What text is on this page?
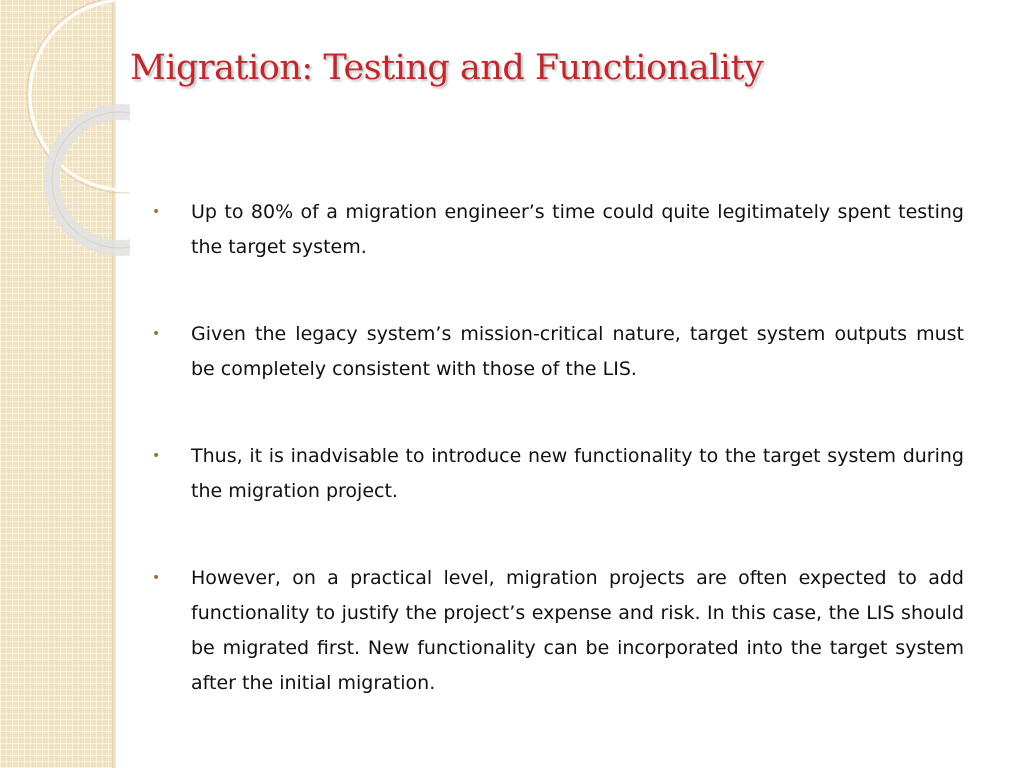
Migration: Testing and Functionality
• Up to 80% of a migration engineer’s time could quite legitimately spent testing the target system.
• Given the legacy system’s mission-critical nature, target system outputs must be completely consistent with those of the LIS.
• Thus, it is inadvisable to introduce new functionality to the target system during the migration project.
• However, on a practical level, migration projects are often expected to add functionality to justify the project’s expense and risk. In this case, the LIS should be migrated first. New functionality can be incorporated into the target system after the initial migration.
